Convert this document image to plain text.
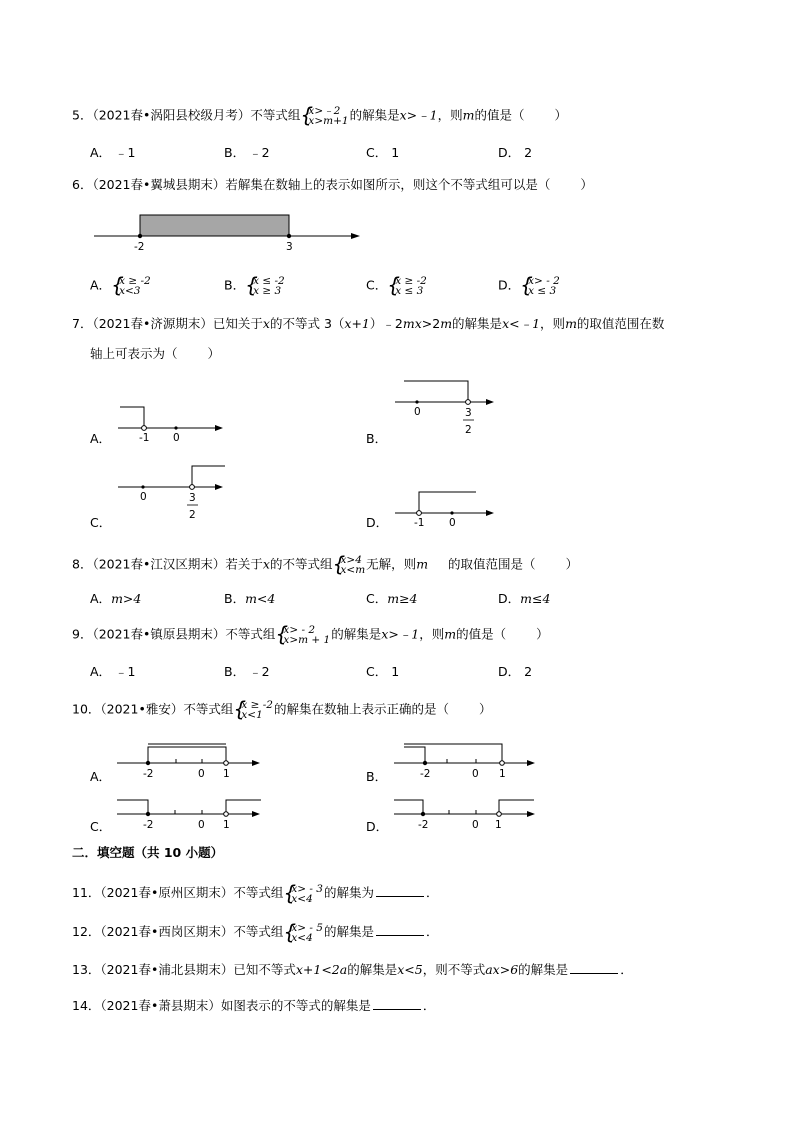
5．（2021春•涡阳县校级月考）不等式组 { x>﹣2
x>m+1 的解集是x>﹣1，则m的值是（ ）
A． ﹣1	B． ﹣2	C． 1	D． 2
6．（2021春•翼城县期末）若解集在数轴上的表示如图所示，则这个不等式组可以是（ ）
-2	3
A． { x ≥ -2
x<3	B． { x ≤ -2
x ≥ 3	C． { x ≥ -2
x ≤ 3	D． { x> - 2
x ≤ 3
7．（2021春•济源期末）已知关于x的不等式 3（x+1）﹣2mx>2m的解集是x<﹣1，则m的取值范围在数
轴上可表示为（ ）
A．	-1 0	B．
0	3
2
C．
0	3
2	D． -1 0
8．（2021春•江汉区期末）若关于x的不等式组 { x>4
x<m 无解，则m 的取值范围是（ ）
A．m>4	B．m<4	C．m≥4	D．m≤4
9．（2021春•镇原县期末）不等式组 { x> - 2
x>m + 1 的解集是x>﹣1，则m的值是（ ）
A． ﹣1	B． ﹣2	C． 1	D． 2
10．（2021•雅安）不等式组 { x ≥ -2
x<1 的解集在数轴上表示正确的是（ ）
A．	-2	0 1	B．	-2	0 1
C．	-2	0 1	D．	-2	0 1
二．填空题（共 10 小题）
11．（2021春•原州区期末）不等式组 { x> - 3
x<4 的解集为	．
12．（2021春•西岗区期末）不等式组 { x> - 5
x<4 的解集是	．
13．（2021春•浦北县期末）已知不等式x+1<2a的解集是x<5，则不等式ax>6的解集是	．
14．（2021春•萧县期末）如图表示的不等式的解集是	．
